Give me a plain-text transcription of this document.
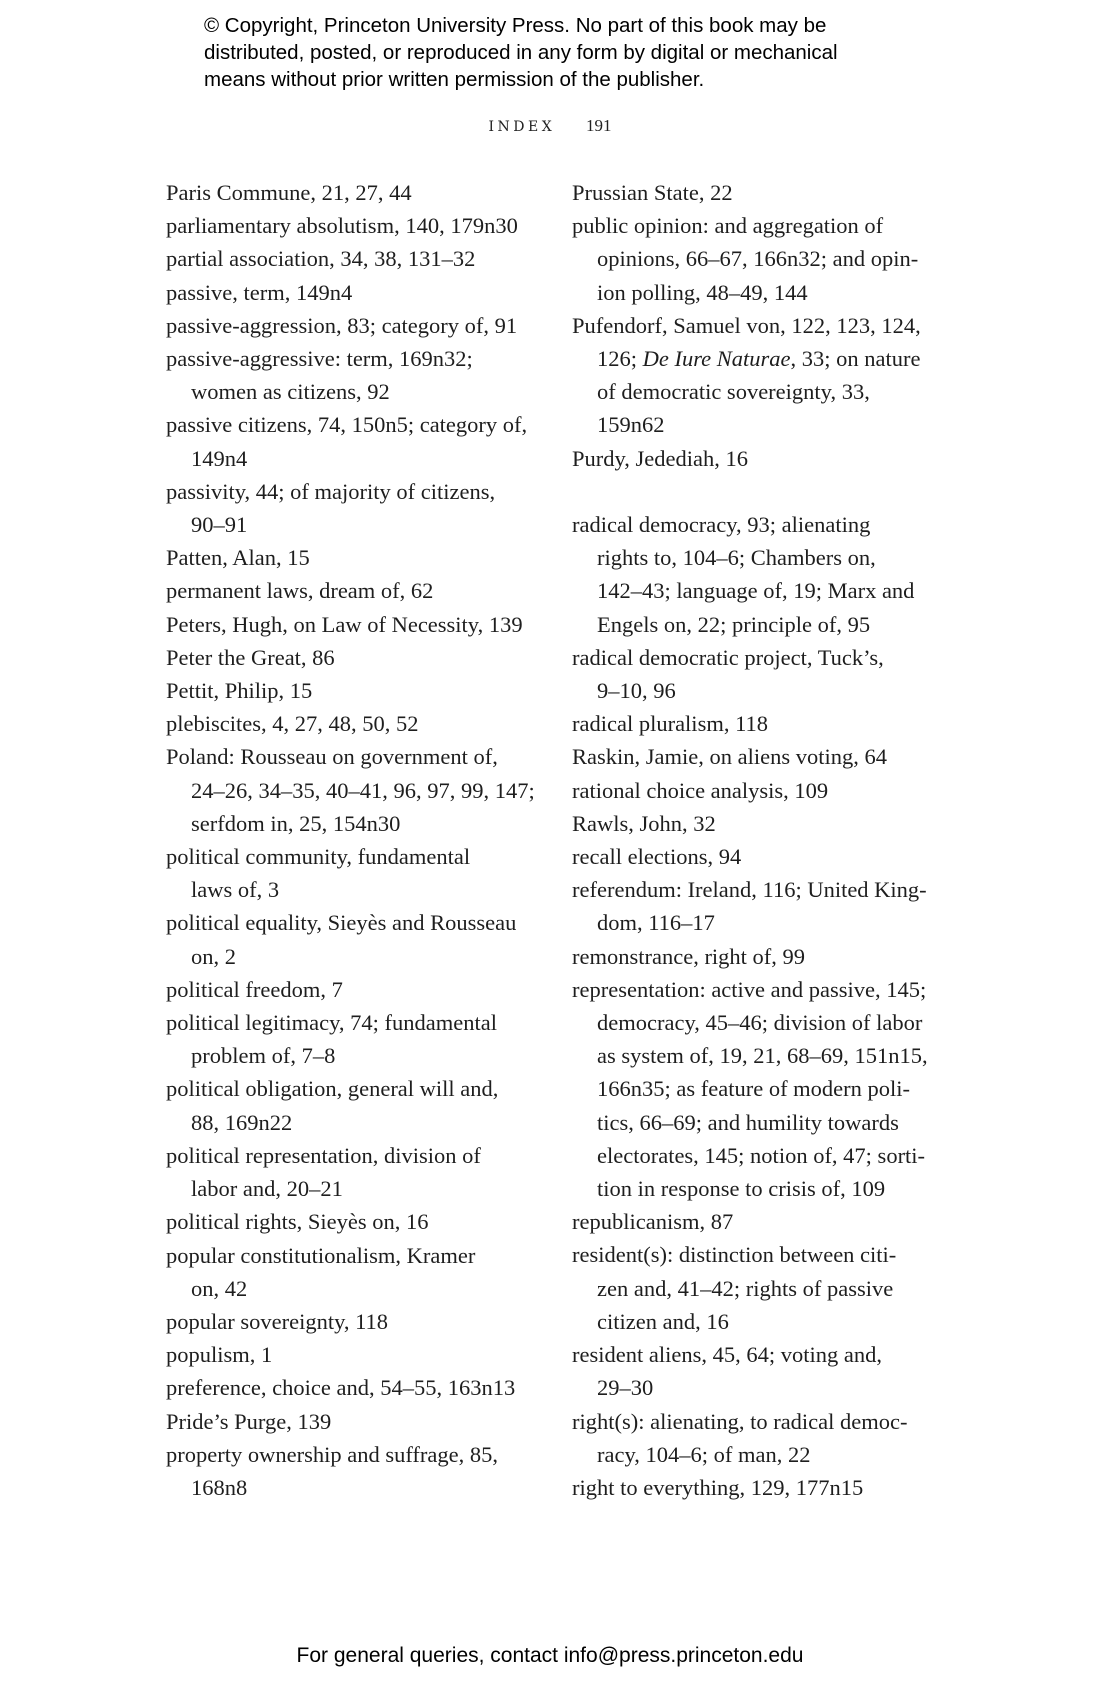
© Copyright, Princeton University Press. No part of this book may be
distributed, posted, or reproduced in any form by digital or mechanical
means without prior written permission of the publisher.
INDEX 191

Paris Commune, 21, 27, 44

parliamentary absolutism, 140, 179n30

partial association, 34, 38, 131–32

passive, term, 149n4

passive-aggression, 83; category of, 91

passive-aggressive: term, 169n32;
women as citizens, 92

passive citizens, 74, 150n5; category of,
149n4

passivity, 44; of majority of citizens,
90–91

Patten, Alan, 15

permanent laws, dream of, 62

Peters, Hugh, on Law of Necessity, 139

Peter the Great, 86

Pettit, Philip, 15

plebiscites, 4, 27, 48, 50, 52

Poland: Rousseau on government of,
24–26, 34–35, 40–41, 96, 97, 99, 147;
serfdom in, 25, 154n30

political community, fundamental
laws of, 3

political equality, Sieyès and Rousseau
on, 2

political freedom, 7

political legitimacy, 74; fundamental
problem of, 7–8

political obligation, general will and,
88, 169n22

political representation, division of
labor and, 20–21

political rights, Sieyès on, 16

popular constitutionalism, Kramer
on, 42

popular sovereignty, 118

populism, 1

preference, choice and, 54–55, 163n13

Pride’s Purge, 139

property ownership and suffrage, 85,
168n8

Prussian State, 22

public opinion: and aggregation of
opinions, 66–67, 166n32; and opin-
ion polling, 48–49, 144

Pufendorf, Samuel von, 122, 123, 124,
126; De Iure Naturae, 33; on nature
of democratic sovereignty, 33,
159n62

Purdy, Jedediah, 16

radical democracy, 93; alienating
rights to, 104–6; Chambers on,
142–43; language of, 19; Marx and
Engels on, 22; principle of, 95

radical democratic project, Tuck’s,
9–10, 96

radical pluralism, 118

Raskin, Jamie, on aliens voting, 64

rational choice analysis, 109

Rawls, John, 32

recall elections, 94

referendum: Ireland, 116; United King-
dom, 116–17

remonstrance, right of, 99

representation: active and passive, 145;
democracy, 45–46; division of labor
as system of, 19, 21, 68–69, 151n15,
166n35; as feature of modern poli-
tics, 66–69; and humility towards
electorates, 145; notion of, 47; sorti-
tion in response to crisis of, 109

republicanism, 87

resident(s): distinction between citi-
zen and, 41–42; rights of passive
citizen and, 16

resident aliens, 45, 64; voting and,
29–30

right(s): alienating, to radical democ-
racy, 104–6; of man, 22

right to everything, 129, 177n15

For general queries, contact info@press.princeton.edu
